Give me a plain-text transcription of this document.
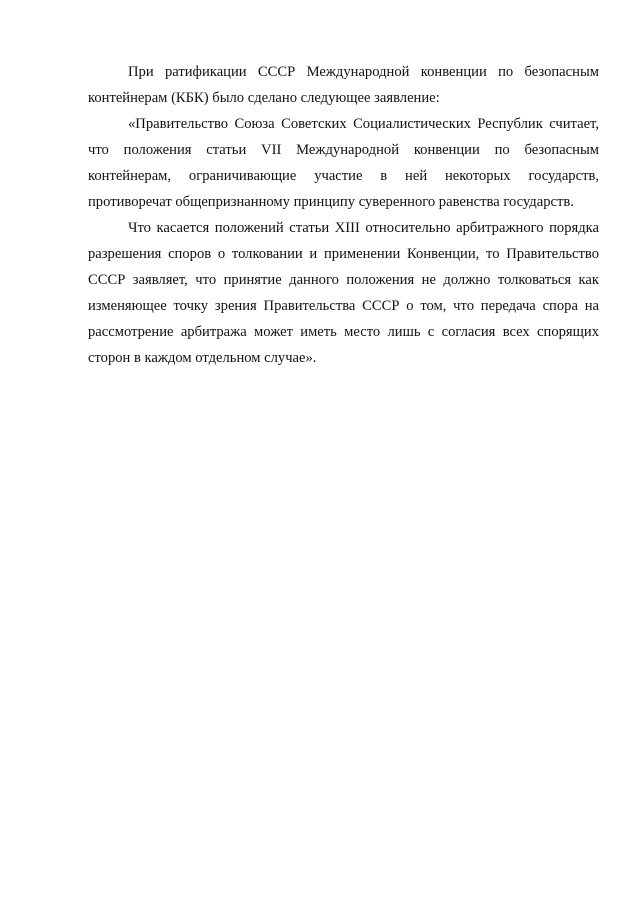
При ратификации СССР Международной конвенции по безопасным контейнерам (КБК) было сделано следующее заявление:

«Правительство Союза Советских Социалистических Республик считает, что положения статьи VII Международной конвенции по безопасным контейнерам, ограничивающие участие в ней некоторых государств, противоречат общепризнанному принципу суверенного равенства государств.

Что касается положений статьи XIII относительно арбитражного порядка разрешения споров о толковании и применении Конвенции, то Правительство СССР заявляет, что принятие данного положения не должно толковаться как изменяющее точку зрения Правительства СССР о том, что передача спора на рассмотрение арбитража может иметь место лишь с согласия всех спорящих сторон в каждом отдельном случае».
